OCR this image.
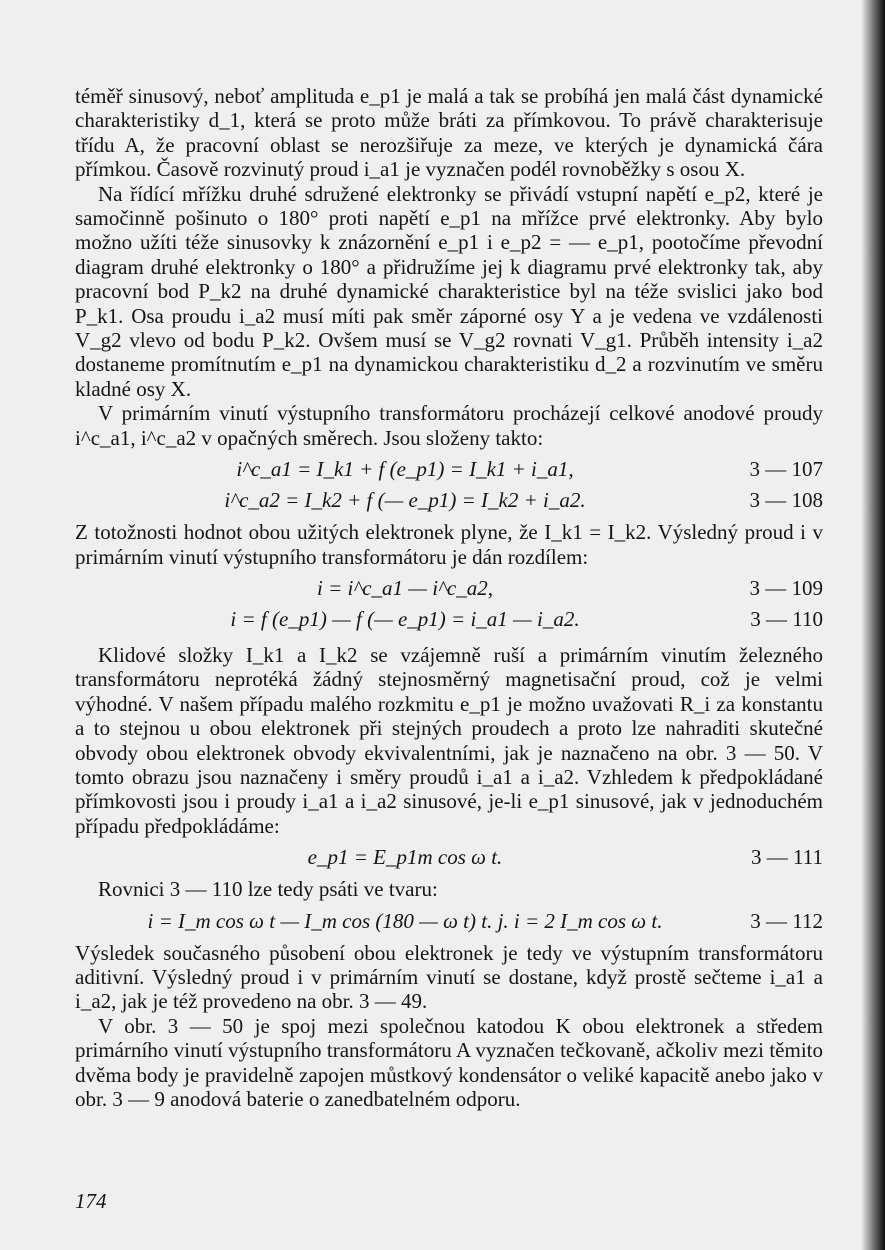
téměř sinusový, neboť amplituda e_p1 je malá a tak se probíhá jen malá část dynamické charakteristiky d_1, která se proto může bráti za přímkovou. To právě charakterisuje třídu A, že pracovní oblast se nerozšiřuje za meze, ve kterých je dynamická čára přímkou. Časově rozvinutý proud i_a1 je vyznačen podél rovnoběžky s osou X.

Na řídící mřížku druhé sdružené elektronky se přivádí vstupní napětí e_p2, které je samočinně pošinuto o 180° proti napětí e_p1 na mřížce prvé elektronky. Aby bylo možno užíti téže sinusovky k znázornění e_p1 i e_p2 = — e_p1, pootočíme převodní diagram druhé elektronky o 180° a přidružíme jej k diagramu prvé elektronky tak, aby pracovní bod P_k2 na druhé dynamické charakteristice byl na téže svislici jako bod P_k1. Osa proudu i_a2 musí míti pak směr záporné osy Y a je vedena ve vzdálenosti V_g2 vlevo od bodu P_k2. Ovšem musí se V_g2 rovnati V_g1. Průběh intensity i_a2 dostaneme promítnutím e_p1 na dynamickou charakteristiku d_2 a rozvinutím ve směru kladné osy X.

V primárním vinutí výstupního transformátoru procházejí celkové anodové proudy i^c_a1, i^c_a2 v opačných směrech. Jsou složeny takto:

i^c_a1 = I_k1 + f (e_p1) = I_k1 + i_a1,	3 — 107
i^c_a2 = I_k2 + f (— e_p1) = I_k2 + i_a2.	3 — 108

Z totožnosti hodnot obou užitých elektronek plyne, že I_k1 = I_k2. Výsledný proud i v primárním vinutí výstupního transformátoru je dán rozdílem:

i = i^c_a1 — i^c_a2,	3 — 109
i = f (e_p1) — f (— e_p1) = i_a1 — i_a2.	3 — 110

Klidové složky I_k1 a I_k2 se vzájemně ruší a primárním vinutím železného transformátoru neprotéká žádný stejnosměrný magnetisační proud, což je velmi výhodné. V našem případu malého rozkmitu e_p1 je možno uvažovati R_i za konstantu a to stejnou u obou elektronek při stejných proudech a proto lze nahraditi skutečné obvody obou elektronek obvody ekvivalentními, jak je naznačeno na obr. 3 — 50. V tomto obrazu jsou naznačeny i směry proudů i_a1 a i_a2. Vzhledem k předpokládané přímkovosti jsou i proudy i_a1 a i_a2 sinusové, je-li e_p1 sinusové, jak v jednoduchém případu předpokládáme:

e_p1 = E_p1m cos ω t.	3 — 111

Rovnici 3 — 110 lze tedy psáti ve tvaru:

i = I_m cos ω t — I_m cos (180 — ω t) t. j. i = 2 I_m cos ω t.	3 — 112

Výsledek současného působení obou elektronek je tedy ve výstupním transformátoru aditivní. Výsledný proud i v primárním vinutí se dostane, když prostě sečteme i_a1 a i_a2, jak je též provedeno na obr. 3 — 49.

V obr. 3 — 50 je spoj mezi společnou katodou K obou elektronek a středem primárního vinutí výstupního transformátoru A vyznačen tečkovaně, ačkoliv mezi těmito dvěma body je pravidelně zapojen můstkový kondensátor o veliké kapacitě anebo jako v obr. 3 — 9 anodová baterie o zanedbatelném odporu.

174
